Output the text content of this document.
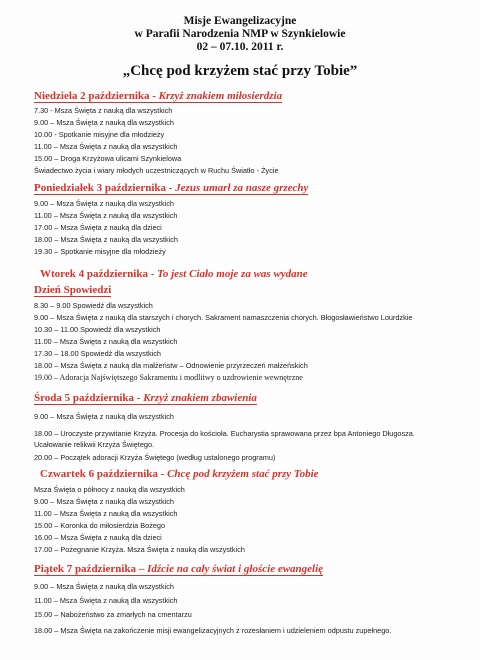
Misje Ewangelizacyjne
w Parafii Narodzenia NMP w Szynkielowie
02 – 07.10. 2011 r.
„Chcę pod krzyżem stać przy Tobie”
Niedziela 2 października - Krzyż znakiem miłosierdzia
7.30 - Msza Święta z nauką dla wszystkich
9.00 – Msza Święta z nauką dla wszystkich
10.00 - Spotkanie misyjne dla młodzieży
11.00 – Msza Święta z nauką dla wszystkich
15.00 – Droga Krzyżowa ulicami Szynkielowa
Świadectwo życia i wiary młodych uczestniczących w Ruchu Światło - Życie
Poniedziałek 3 października - Jezus umarł za nasze grzechy
9.00 – Msza Święta z nauką dla wszystkich
11.00 – Msza Święta z nauką dla wszystkich
17.00 – Msza Święta z nauką dla dzieci
18.00 – Msza Święta z nauką dla wszystkich
19.30 – Spotkanie misyjne dla młodzieży
Wtorek 4 października - To jest Ciało moje za was wydane
Dzień Spowiedzi
8.30 – 9.00 Spowiedź dla wszystkich
9.00 – Msza Święta z nauką dla starszych i chorych. Sakrament namaszczenia chorych. Błogosławieństwo Lourdzkie
10.30 – 11.00 Spowiedź dla wszystkich
11.00 – Msza Święta z nauką dla wszystkich
17.30 – 18.00 Spowiedź dla wszystkich
18.00 – Msza Święta z nauką dla małżeństw – Odnowienie przyrzeczeń małżeńskich
19.00 – Adoracja Najświętszego Sakramentu i modlitwy o uzdrowienie wewnętrzne
Środa 5 października - Krzyż znakiem zbawienia
9.00 – Msza Święta z nauką dla wszystkich
18.00 – Uroczyste przywitanie Krzyża. Procesja do kościoła. Eucharystia sprawowana przez bpa Antoniego Długosza. Ucałowanie relikwii Krzyża Świętego.
20.00 – Początek adoracji Krzyża Świętego (według ustalonego programu)
Czwartek 6 października - Chcę pod krzyżem stać przy Tobie
Msza Święta o północy z nauką dla wszystkich
9.00 – Msza Święta z nauką dla wszystkich
11.00 – Msza Święta z nauką dla wszystkich
15.00 – Koronka do miłosierdzia Bożego
16.00 – Msza Święta z nauką dla dzieci
17.00 – Pożegnanie Krzyża. Msza Święta z nauką dla wszystkich
Piątek 7 października – Idźcie na cały świat i głoście ewangelię
9.00 – Msza Święta z nauką dla wszystkich
11.00 – Msza Święta z nauką dla wszystkich
15.00 – Nabożeństwo za zmarłych na cmentarzu
18.00 – Msza Święta na zakończenie misji ewangelizacyjnych z rozesłaniem i udzieleniem odpustu zupełnego.
